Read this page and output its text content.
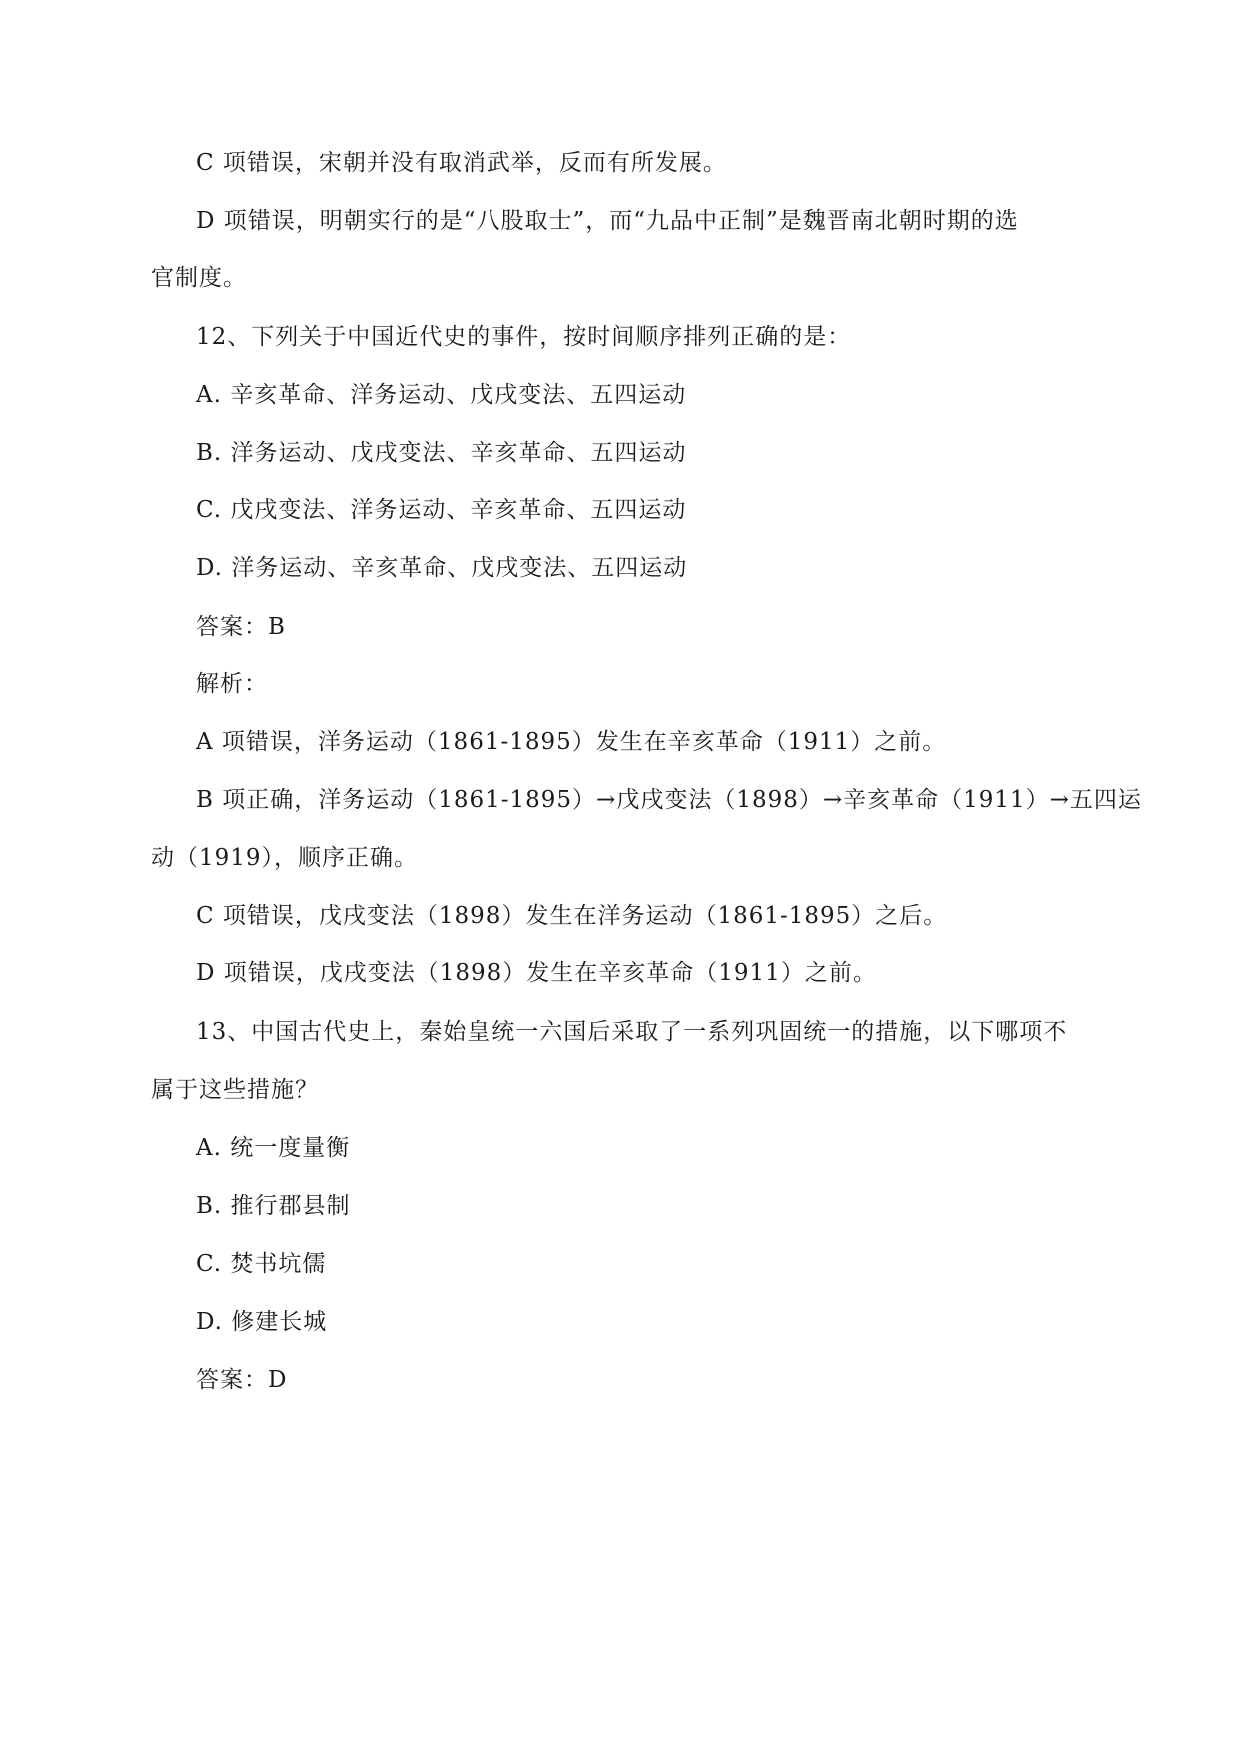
C 项错误，宋朝并没有取消武举，反而有所发展。
D 项错误，明朝实行的是“八股取士”，而“九品中正制”是魏晋南北朝时期的选
官制度。
12、下列关于中国近代史的事件，按时间顺序排列正确的是：
A. 辛亥革命、洋务运动、戊戌变法、五四运动
B. 洋务运动、戊戌变法、辛亥革命、五四运动
C. 戊戌变法、洋务运动、辛亥革命、五四运动
D. 洋务运动、辛亥革命、戊戌变法、五四运动
答案：B
解析：
A 项错误，洋务运动（1861-1895）发生在辛亥革命（1911）之前。
B 项正确，洋务运动（1861-1895）→戊戌变法（1898）→辛亥革命（1911）→五四运
动（1919），顺序正确。
C 项错误，戊戌变法（1898）发生在洋务运动（1861-1895）之后。
D 项错误，戊戌变法（1898）发生在辛亥革命（1911）之前。
13、中国古代史上，秦始皇统一六国后采取了一系列巩固统一的措施，以下哪项不
属于这些措施？
A. 统一度量衡
B. 推行郡县制
C. 焚书坑儒
D. 修建长城
答案：D
